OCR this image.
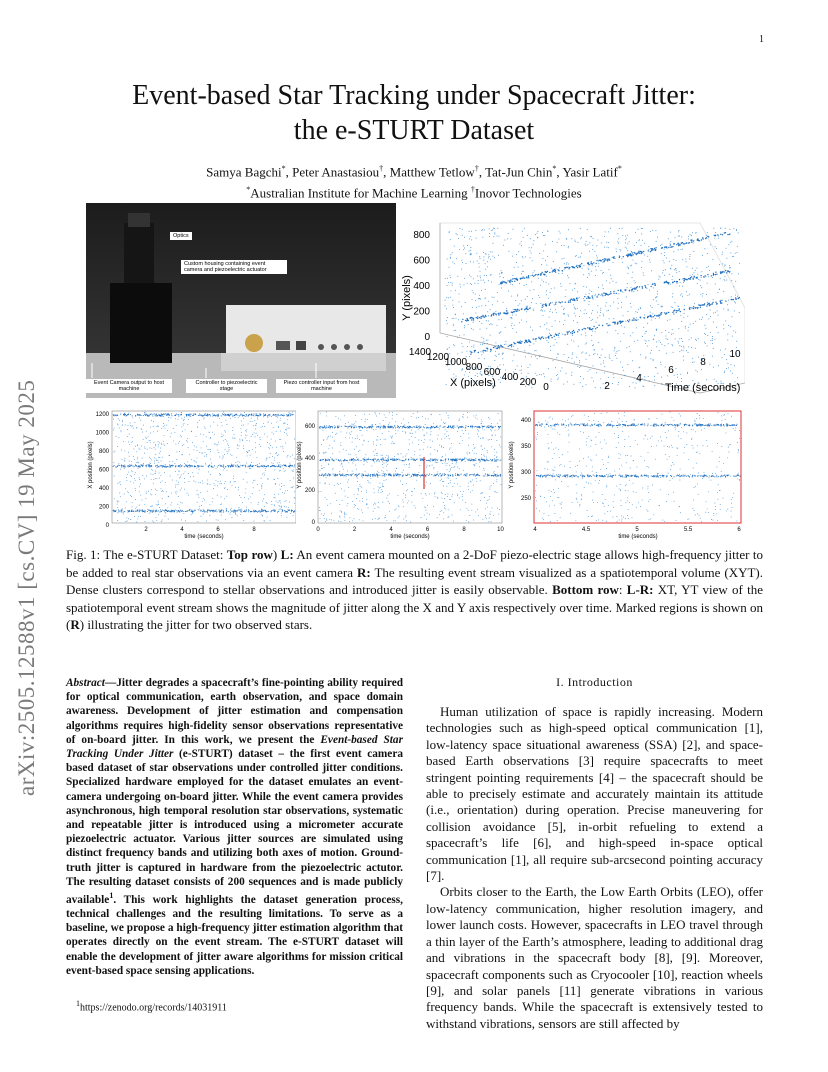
1
arXiv:2505.12588v1 [cs.CV] 19 May 2025
Event-based Star Tracking under Spacecraft Jitter:
the e-STURT Dataset
Samya Bagchi*, Peter Anastasiou†, Matthew Tetlow†, Tat-Jun Chin*, Yasir Latif*
*Australian Institute for Machine Learning †Inovor Technologies
Optics
Custom housing containing event camera and piezoelectric actuator
Event Camera output to host machine
Controller to piezoelectric stage
Piezo controller input from host machine
800
600
400
200
0
1400
1200
1000
800 600 400 200 0	2
4
6
8
10
Y (pixels)
X (pixels)	Time (seconds)
1200
1000
800
600
400
200
0
2	4	6	8
X position (pixels)
time (seconds)
600
400
200
0
0	2	4	6	8	10
Y position (pixels)
time (seconds)
400
350
300
250
4	4.5	5	5.5	6
Y position (pixels)
time (seconds)
Fig. 1: The e-STURT Dataset: Top row) L: An event camera mounted on a 2-DoF piezo-electric stage allows high-frequency jitter to be added to real star observations via an event camera R: The resulting event stream visualized as a spatiotemporal volume (XYT). Dense clusters correspond to stellar observations and introduced jitter is easily observable. Bottom row: L-R: XT, YT view of the spatiotemporal event stream shows the magnitude of jitter along the X and Y axis respectively over time. Marked regions is shown on (R) illustrating the jitter for two observed stars.
Abstract—Jitter degrades a spacecraft’s fine-pointing ability required for optical communication, earth observation, and space domain awareness. Development of jitter estimation and compensation algorithms requires high-fidelity sensor observations representative of on-board jitter. In this work, we present the Event-based Star Tracking Under Jitter (e-STURT) dataset – the first event camera based dataset of star observations under controlled jitter conditions. Specialized hardware employed for the dataset emulates an event-camera undergoing on-board jitter. While the event camera provides asynchronous, high temporal resolution star observations, systematic and repeatable jitter is introduced using a micrometer accurate piezoelectric actuator. Various jitter sources are simulated using distinct frequency bands and utilizing both axes of motion. Ground-truth jitter is captured in hardware from the piezoelectric actutor. The resulting dataset consists of 200 sequences and is made publicly available$^1$. This work highlights the dataset generation process, technical challenges and the resulting limitations. To serve as a baseline, we propose a high-frequency jitter estimation algorithm that operates directly on the event stream. The e-STURT dataset will enable the development of jitter aware algorithms for mission critical event-based space sensing applications.
$^1$https://zenodo.org/records/14031911
I. Introduction

Human utilization of space is rapidly increasing. Modern technologies such as high-speed optical communication [1], low-latency space situational awareness (SSA) [2], and space-based Earth observations [3] require spacecrafts to meet stringent pointing requirements [4] – the spacecraft should be able to precisely estimate and accurately maintain its attitude (i.e., orientation) during operation. Precise maneuvering for collision avoidance [5], in-orbit refueling to extend a spacecraft’s life [6], and high-speed in-space optical communication [1], all require sub-arcsecond pointing accuracy [7].

Orbits closer to the Earth, the Low Earth Orbits (LEO), offer low-latency communication, higher resolution imagery, and lower launch costs. However, spacecrafts in LEO travel through a thin layer of the Earth’s atmosphere, leading to additional drag and vibrations in the spacecraft body [8], [9]. Moreover, spacecraft components such as Cryocooler [10], reaction wheels [9], and solar panels [11] generate vibrations in various frequency bands. While the spacecraft is extensively tested to withstand vibrations, sensors are still affected by
